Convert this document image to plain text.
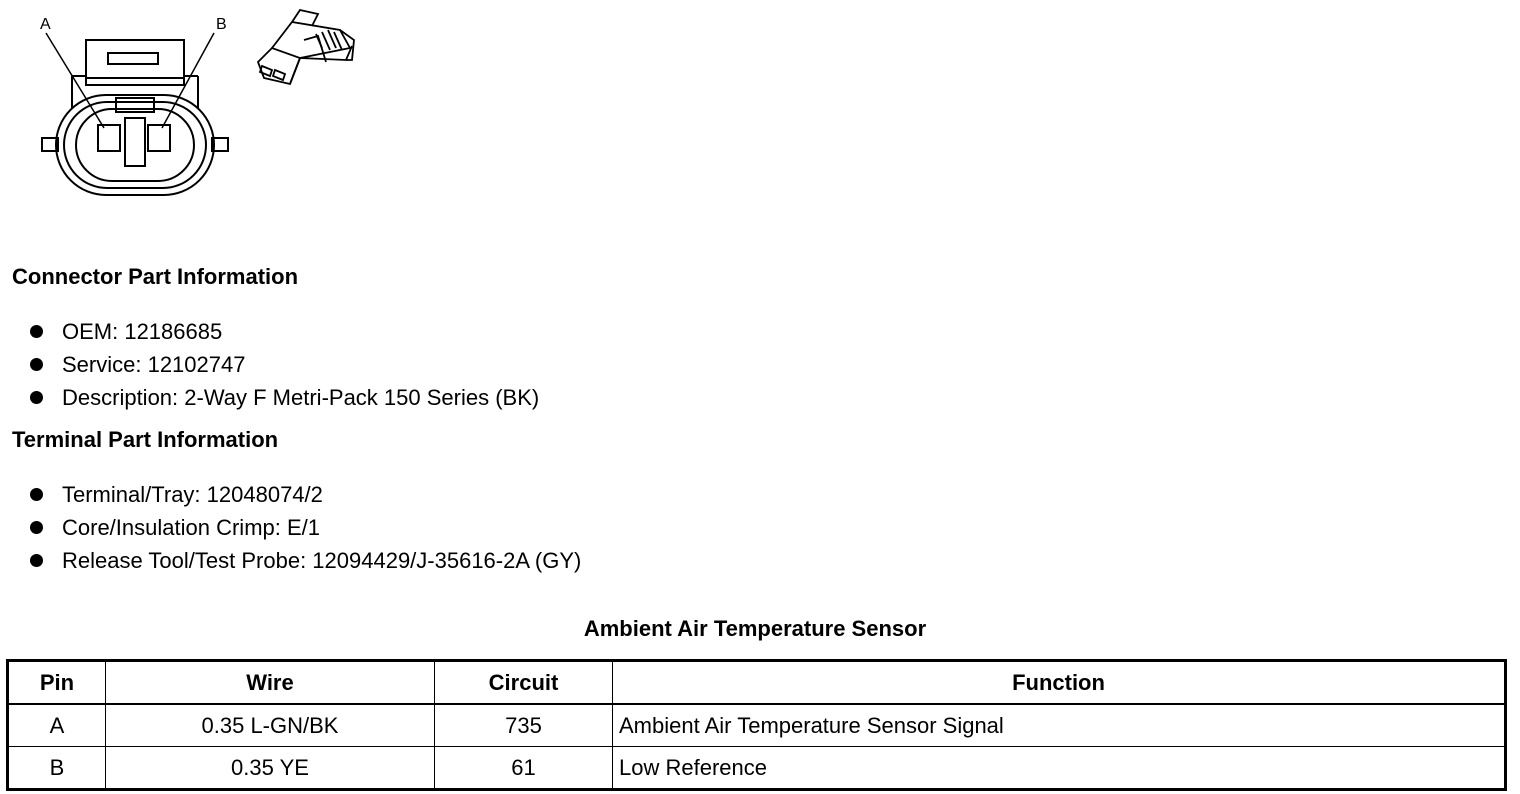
A	B
Connector Part Information
OEM: 12186685
Service: 12102747
Description: 2-Way F Metri-Pack 150 Series (BK)
Terminal Part Information
Terminal/Tray: 12048074/2
Core/Insulation Crimp: E/1
Release Tool/Test Probe: 12094429/J-35616-2A (GY)
Ambient Air Temperature Sensor
Pin	Wire	Circuit	Function
A	0.35 L-GN/BK	735	Ambient Air Temperature Sensor Signal
B	0.35 YE	61	Low Reference
